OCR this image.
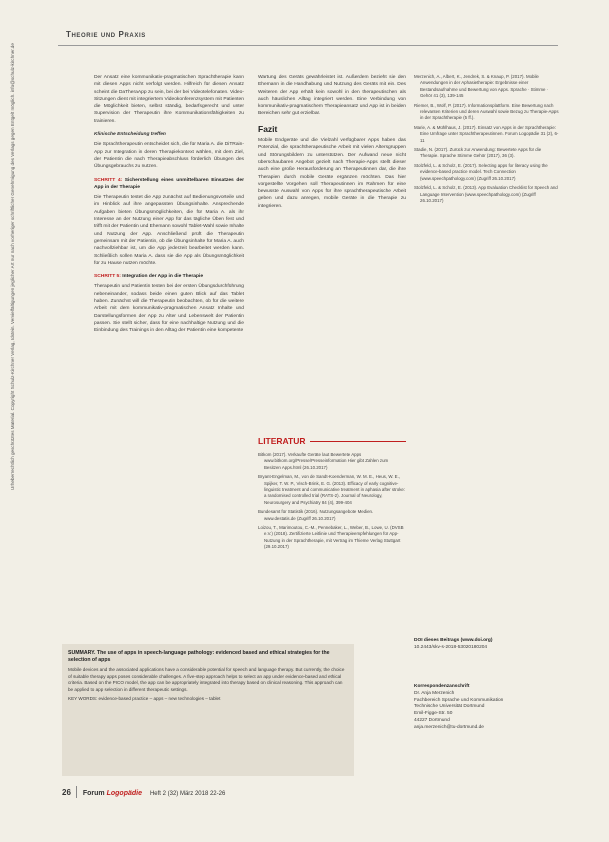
Theorie und Praxis
Urheberrechtlich geschütztes Material. Copyright Schulz-Kirchner Verlag, Idstein. Vervielfältigungen jeglicher Art nur nach vorheriger schriftlicher Genehmigung des Verlags gegen Entgelt möglich. info@schulz-kirchner.de	Der Ansatz eine kommunikativ-pragmatischen Sprachtherapie kann mit diesen Apps nicht verfolgt werden. Hilfreich für diesen Ansatz scheint die DaTheraApp zu sein, bei der bei Videotelefonaten. Video-Sitzungen dient mit integriertem Videokonferenzsystem mit Patienten die Möglichkeit bieten, selbst ständig, bedarfsgerecht und unter Supervision der Therapeutin ihre Kommunikationsfähigkeiten zu trainieren.

Klinische Entscheidung treffen

Die Sprachtherapeutin entscheidet sich, die für Maria A. die DiTRain-App zur Integration in deren Therapiekontext wählen, mit dem Ziel, der Patientin die nach Therapieabschluss förderlich Übungen des Übungsgebrauchs zu nutzen.

SCHRITT 4: Sicherstellung eines unmittelbaren Einsatzes der App in der Therapie

Die Therapeutin testet die App zunächst auf Bedienungsvorteile und im Hinblick auf ihre angepassten Übungsinhalte. Ansprechende Aufgaben bieten Übungsmöglichkeiten, die für Maria A. als ihr Interesse an der Nutzung einer App für das tägliche Üben fest und trifft mit der Patientin und Ehemann sowohl Tablet-Wahl sowie Inhalte und Nutzung der App. Anschließend prüft die Therapeutin gemeinsam mit der Patientin, ob die Übungsinhalte für Maria A. auch nachvollziehbar ist, um die App jederzeit bearbeitet werden kann. Schließlich sollen Maria A. dass sie die App als Übungsmöglichkeit für zu Hause nutzen möchte.

SCHRITT 5: Integration der App in die Therapie

Therapeutin und Patientin testen bei der ersten Übungsdurchführung nebeneinander, sodass beide einen guten Blick auf das Tablet haben. Zunächst will die Therapeutin beobachten, ob für die weitere Arbeit mit dem kommunikativ-pragmatischen Ansatz Inhalte und Darstellungsformen der App zu Alter und Lebenswelt der Patientin passen. Sie stellt sicher, dass für eine nachhaltige Nutzung und die Einbindung des Trainings in den Alltag der Patientin eine kompetente

Wartung des Geräts gewährleistet ist. Außerdem bezieht sie den Ehemann in die Handhabung und Nutzung des Geräts mit ein. Des Weiteren der App erhält kein sowohl in den therapeutischen als auch häuslichen Alltag integriert werden. Eine Verbindung von kommunikativ-pragmatischem Therapieansatz und App ist in beiden Bereichen sehr gut erzielbar.

Fazit

Mobile Endgeräte und die Vielzahl verfügbarer Apps haben das Potenzial, die sprachtherapeutische Arbeit mit vielen Altersgruppen und Störungsbildern zu unterstützen. Der Aufwand neue nicht überschaubaren Angebot gezielt nach Therapie-Apps stellt dieser auch eine große Herausforderung an Therapeutinnen dar, die ihre Therapien durch mobile Geräte ergänzen möchten. Das hier vorgestellte Vorgehen soll Therapeutinnen im Rahmen für eine bewusste Auswahl von Apps für ihre sprachtherapeutische Arbeit geben und dazu anregen, mobile Geräte in die Therapie zu integrieren.

LITERATUR

Bitkom (2017). Verkaufte Geräte laut Bewertete Apps www.bitkom.org/Presse/Presseinformation Hier gibt Zahlen zum Besitzen Apps.html (26.10.2017)

Bryant-Engelman, M., von de Sandt-Koenderman, W. M. E., Heus, W. E., Spijker, T. W. P., Visch-Brink, E. G. (2013). Efficacy of early cognitive-linguistic treatment and communicative treatment in aphasia after stroke: a randomised controlled trial (RATS-2). Journal of Neurology, Neurosurgery and Psychiatry 84 (4), 399-404

Bundesamt für Statistik (2016). Nutzungsangebote Medien. www.destatis.de (Zugriff 26.10.2017)

Loizou, T., Marimoutou, C.-M., Pennebaker, L., Weber, B., Lowe, U. (DVSB e.V.) (2018). Zertifizierte Leitlinie und Therapieempfehlungen für App-Nutzung in der Sprachtherapie, mit Vertrag im Thieme Verlag Stuttgart (29.10.2017)

Merzenich, A., Albert, K., Jendrek, S. & Knaup, P. (2017). Mobile Anwendungen in der Aphasietherapie: Ergebnisse einer Bestandsaufnahme und Bewertung von Apps. Sprache · Stimme · Gehör 41 (3), 139-145

Riemer, B., Wolf, P. (2017). Informationsplattform. Eine Bewertung nach relevanten Kriterien und deren Auswahl sowie Bezug zu Therapie-Apps in der Sprachtherapie (5 ff.).

Marie, A. & Mühlhaus, J. (2017). Einsatz von Apps in der Sprachtherapie: Eine Umfrage unter Sprachtherapeutinnen. Forum Logopädie 31 (2), 6-11

Stadie, N. (2017). Zurück zur Anwendung: Bewertete Apps für die Therapie. Sprache Stimme Gehör (2017), 36 (3).

Stolzfeld, L. & Scholz, E. (2017). Selecting apps for literacy using the evidence-based practice model. Tech Connection (www.speechpathology.com) (Zugriff 26.10.2017)

Stolzfeld, L. & Scholz, E. (2013). App Evaluation Checklist for Speech and Language Intervention (www.speechpathology.com) (Zugriff 26.10.2017)

SUMMARY. The use of apps in speech-language pathology: evidenced based and ethical strategies for the selection of apps
Mobile devices and the associated applications have a considerable potential for speech and language therapy. But currently, the choice of suitable therapy apps poses considerable challenges. A five-step approach helps to select an app under evidence-based and ethical criteria. Based on the PICO model, the app can be appropriately integrated into therapy based on clinical reasoning. This approach can be applied to app selection in different therapeutic settings.
KEY WORDS: evidence-based practice – apps – new technologies – tablet
DOI dieses Beitrags (www.doi.org)
10.2443/skv-s-2018-53020180204
Korrespondenzanschrift
Dr. Anja Merzenich
Fachbereich Sprache und Kommunikation
Technische Universität Dortmund
Emil-Figge-Str. 50
44227 Dortmund
anja.merzenich@tu-dortmund.de
26 Forum Logopädie Heft 2 (32) März 2018 22-26
